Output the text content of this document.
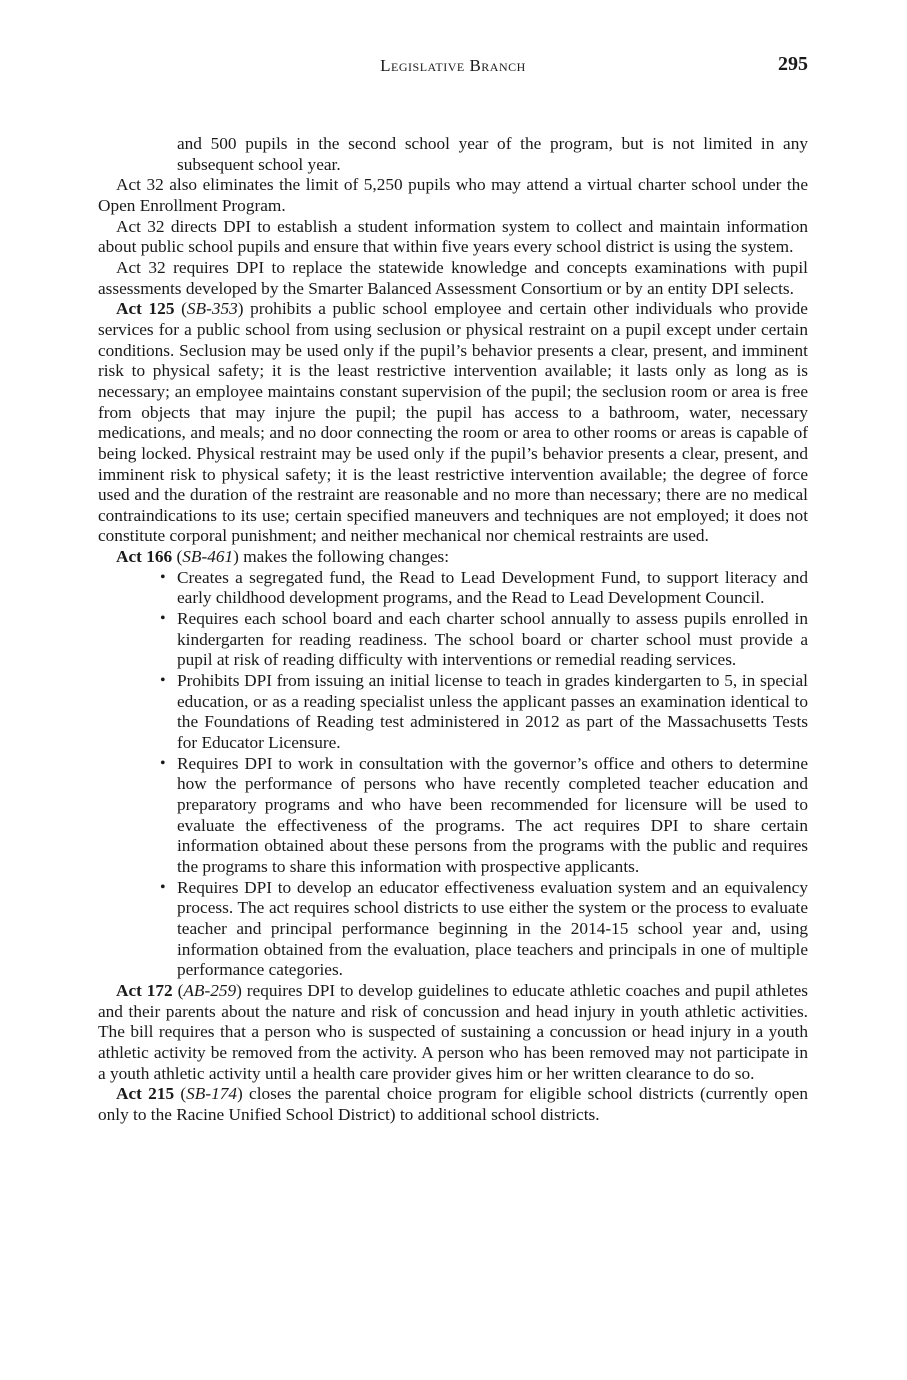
Legislative Branch	295

and 500 pupils in the second school year of the program, but is not limited in any subsequent school year.

Act 32 also eliminates the limit of 5,250 pupils who may attend a virtual charter school under the Open Enrollment Program.

Act 32 directs DPI to establish a student information system to collect and maintain information about public school pupils and ensure that within five years every school district is using the system.

Act 32 requires DPI to replace the statewide knowledge and concepts examinations with pupil assessments developed by the Smarter Balanced Assessment Consortium or by an entity DPI selects.

Act 125 (SB-353) prohibits a public school employee and certain other individuals who provide services for a public school from using seclusion or physical restraint on a pupil except under certain conditions. Seclusion may be used only if the pupil’s behavior presents a clear, present, and imminent risk to physical safety; it is the least restrictive intervention available; it lasts only as long as is necessary; an employee maintains constant supervision of the pupil; the seclusion room or area is free from objects that may injure the pupil; the pupil has access to a bathroom, water, necessary medications, and meals; and no door connecting the room or area to other rooms or areas is capable of being locked. Physical restraint may be used only if the pupil’s behavior presents a clear, present, and imminent risk to physical safety; it is the least restrictive intervention available; the degree of force used and the duration of the restraint are reasonable and no more than necessary; there are no medical contraindications to its use; certain specified maneuvers and techniques are not employed; it does not constitute corporal punishment; and neither mechanical nor chemical restraints are used.

Act 166 (SB-461) makes the following changes:

• Creates a segregated fund, the Read to Lead Development Fund, to support literacy and early childhood development programs, and the Read to Lead Development Council.
• Requires each school board and each charter school annually to assess pupils enrolled in kindergarten for reading readiness. The school board or charter school must provide a pupil at risk of reading difficulty with interventions or remedial reading services.
• Prohibits DPI from issuing an initial license to teach in grades kindergarten to 5, in special education, or as a reading specialist unless the applicant passes an examination identical to the Foundations of Reading test administered in 2012 as part of the Massachusetts Tests for Educator Licensure.
• Requires DPI to work in consultation with the governor’s office and others to determine how the performance of persons who have recently completed teacher education and preparatory programs and who have been recommended for licensure will be used to evaluate the effectiveness of the programs. The act requires DPI to share certain information obtained about these persons from the programs with the public and requires the programs to share this information with prospective applicants.
• Requires DPI to develop an educator effectiveness evaluation system and an equivalency process. The act requires school districts to use either the system or the process to evaluate teacher and principal performance beginning in the 2014-15 school year and, using information obtained from the evaluation, place teachers and principals in one of multiple performance categories.

Act 172 (AB-259) requires DPI to develop guidelines to educate athletic coaches and pupil athletes and their parents about the nature and risk of concussion and head injury in youth athletic activities. The bill requires that a person who is suspected of sustaining a concussion or head injury in a youth athletic activity be removed from the activity. A person who has been removed may not participate in a youth athletic activity until a health care provider gives him or her written clearance to do so.

Act 215 (SB-174) closes the parental choice program for eligible school districts (currently open only to the Racine Unified School District) to additional school districts.
